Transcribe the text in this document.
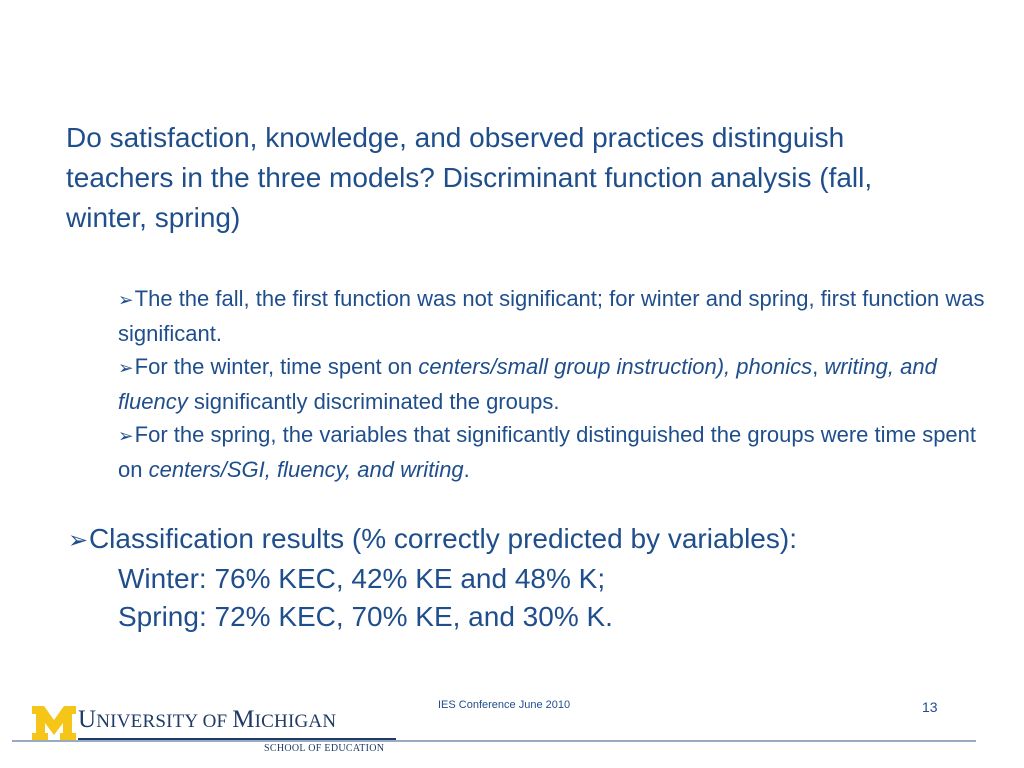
Do satisfaction, knowledge, and observed practices distinguish teachers in the three models? Discriminant function analysis (fall, winter, spring)
➢The the fall, the first function was not significant; for winter and spring, first function was significant.
➢For the winter, time spent on centers/small group instruction), phonics, writing, and fluency significantly discriminated the groups.
➢For the spring, the variables that significantly distinguished the groups were time spent on centers/SGI, fluency, and writing.
➢Classification results (% correctly predicted by variables):
Winter: 76% KEC, 42% KE and 48% K;
Spring: 72% KEC, 70% KE, and 30% K.
UNIVERSITY OF MICHIGAN
SCHOOL OF EDUCATION
IES Conference June 2010	13
